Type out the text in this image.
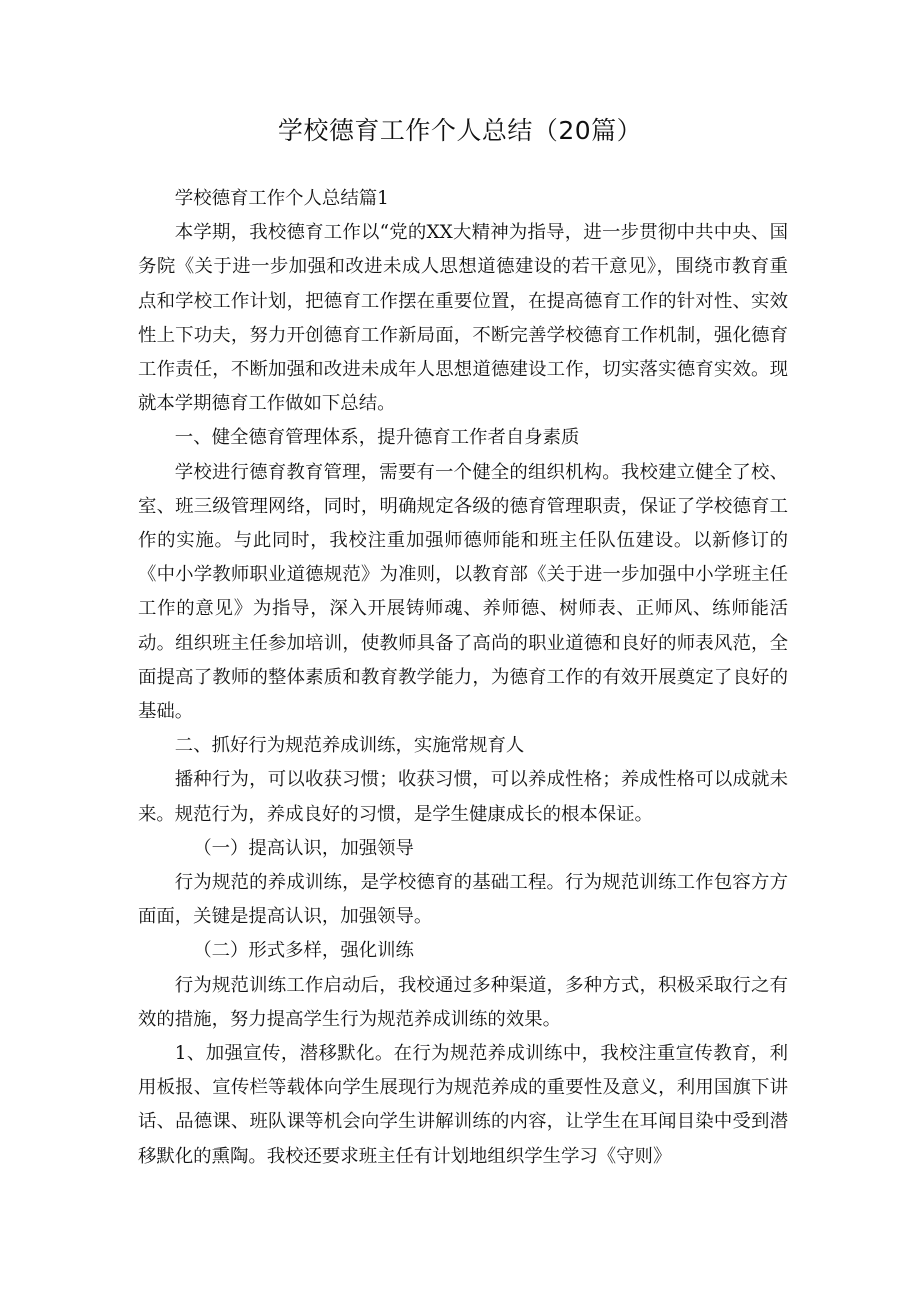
学校德育工作个人总结（20篇）

学校德育工作个人总结篇1

本学期，我校德育工作以“党的XX大精神为指导，进一步贯彻中共中央、国务院《关于进一步加强和改进未成人思想道德建设的若干意见》，围绕市教育重点和学校工作计划，把德育工作摆在重要位置，在提高德育工作的针对性、实效性上下功夫，努力开创德育工作新局面，不断完善学校德育工作机制，强化德育工作责任，不断加强和改进未成年人思想道德建设工作，切实落实德育实效。现就本学期德育工作做如下总结。

一、健全德育管理体系，提升德育工作者自身素质

学校进行德育教育管理，需要有一个健全的组织机构。我校建立健全了校、室、班三级管理网络，同时，明确规定各级的德育管理职责，保证了学校德育工作的实施。与此同时，我校注重加强师德师能和班主任队伍建设。以新修订的《中小学教师职业道德规范》为准则，以教育部《关于进一步加强中小学班主任工作的意见》为指导，深入开展铸师魂、养师德、树师表、正师风、练师能活动。组织班主任参加培训，使教师具备了高尚的职业道德和良好的师表风范，全面提高了教师的整体素质和教育教学能力，为德育工作的有效开展奠定了良好的基础。

二、抓好行为规范养成训练，实施常规育人

播种行为，可以收获习惯；收获习惯，可以养成性格；养成性格可以成就未来。规范行为，养成良好的习惯，是学生健康成长的根本保证。

（一）提高认识，加强领导

行为规范的养成训练，是学校德育的基础工程。行为规范训练工作包容方方面面，关键是提高认识，加强领导。

（二）形式多样，强化训练

行为规范训练工作启动后，我校通过多种渠道，多种方式，积极采取行之有效的措施，努力提高学生行为规范养成训练的效果。

1、加强宣传，潜移默化。在行为规范养成训练中，我校注重宣传教育，利用板报、宣传栏等载体向学生展现行为规范养成的重要性及意义，利用国旗下讲话、品德课、班队课等机会向学生讲解训练的内容，让学生在耳闻目染中受到潜移默化的熏陶。我校还要求班主任有计划地组织学生学习《守则》
